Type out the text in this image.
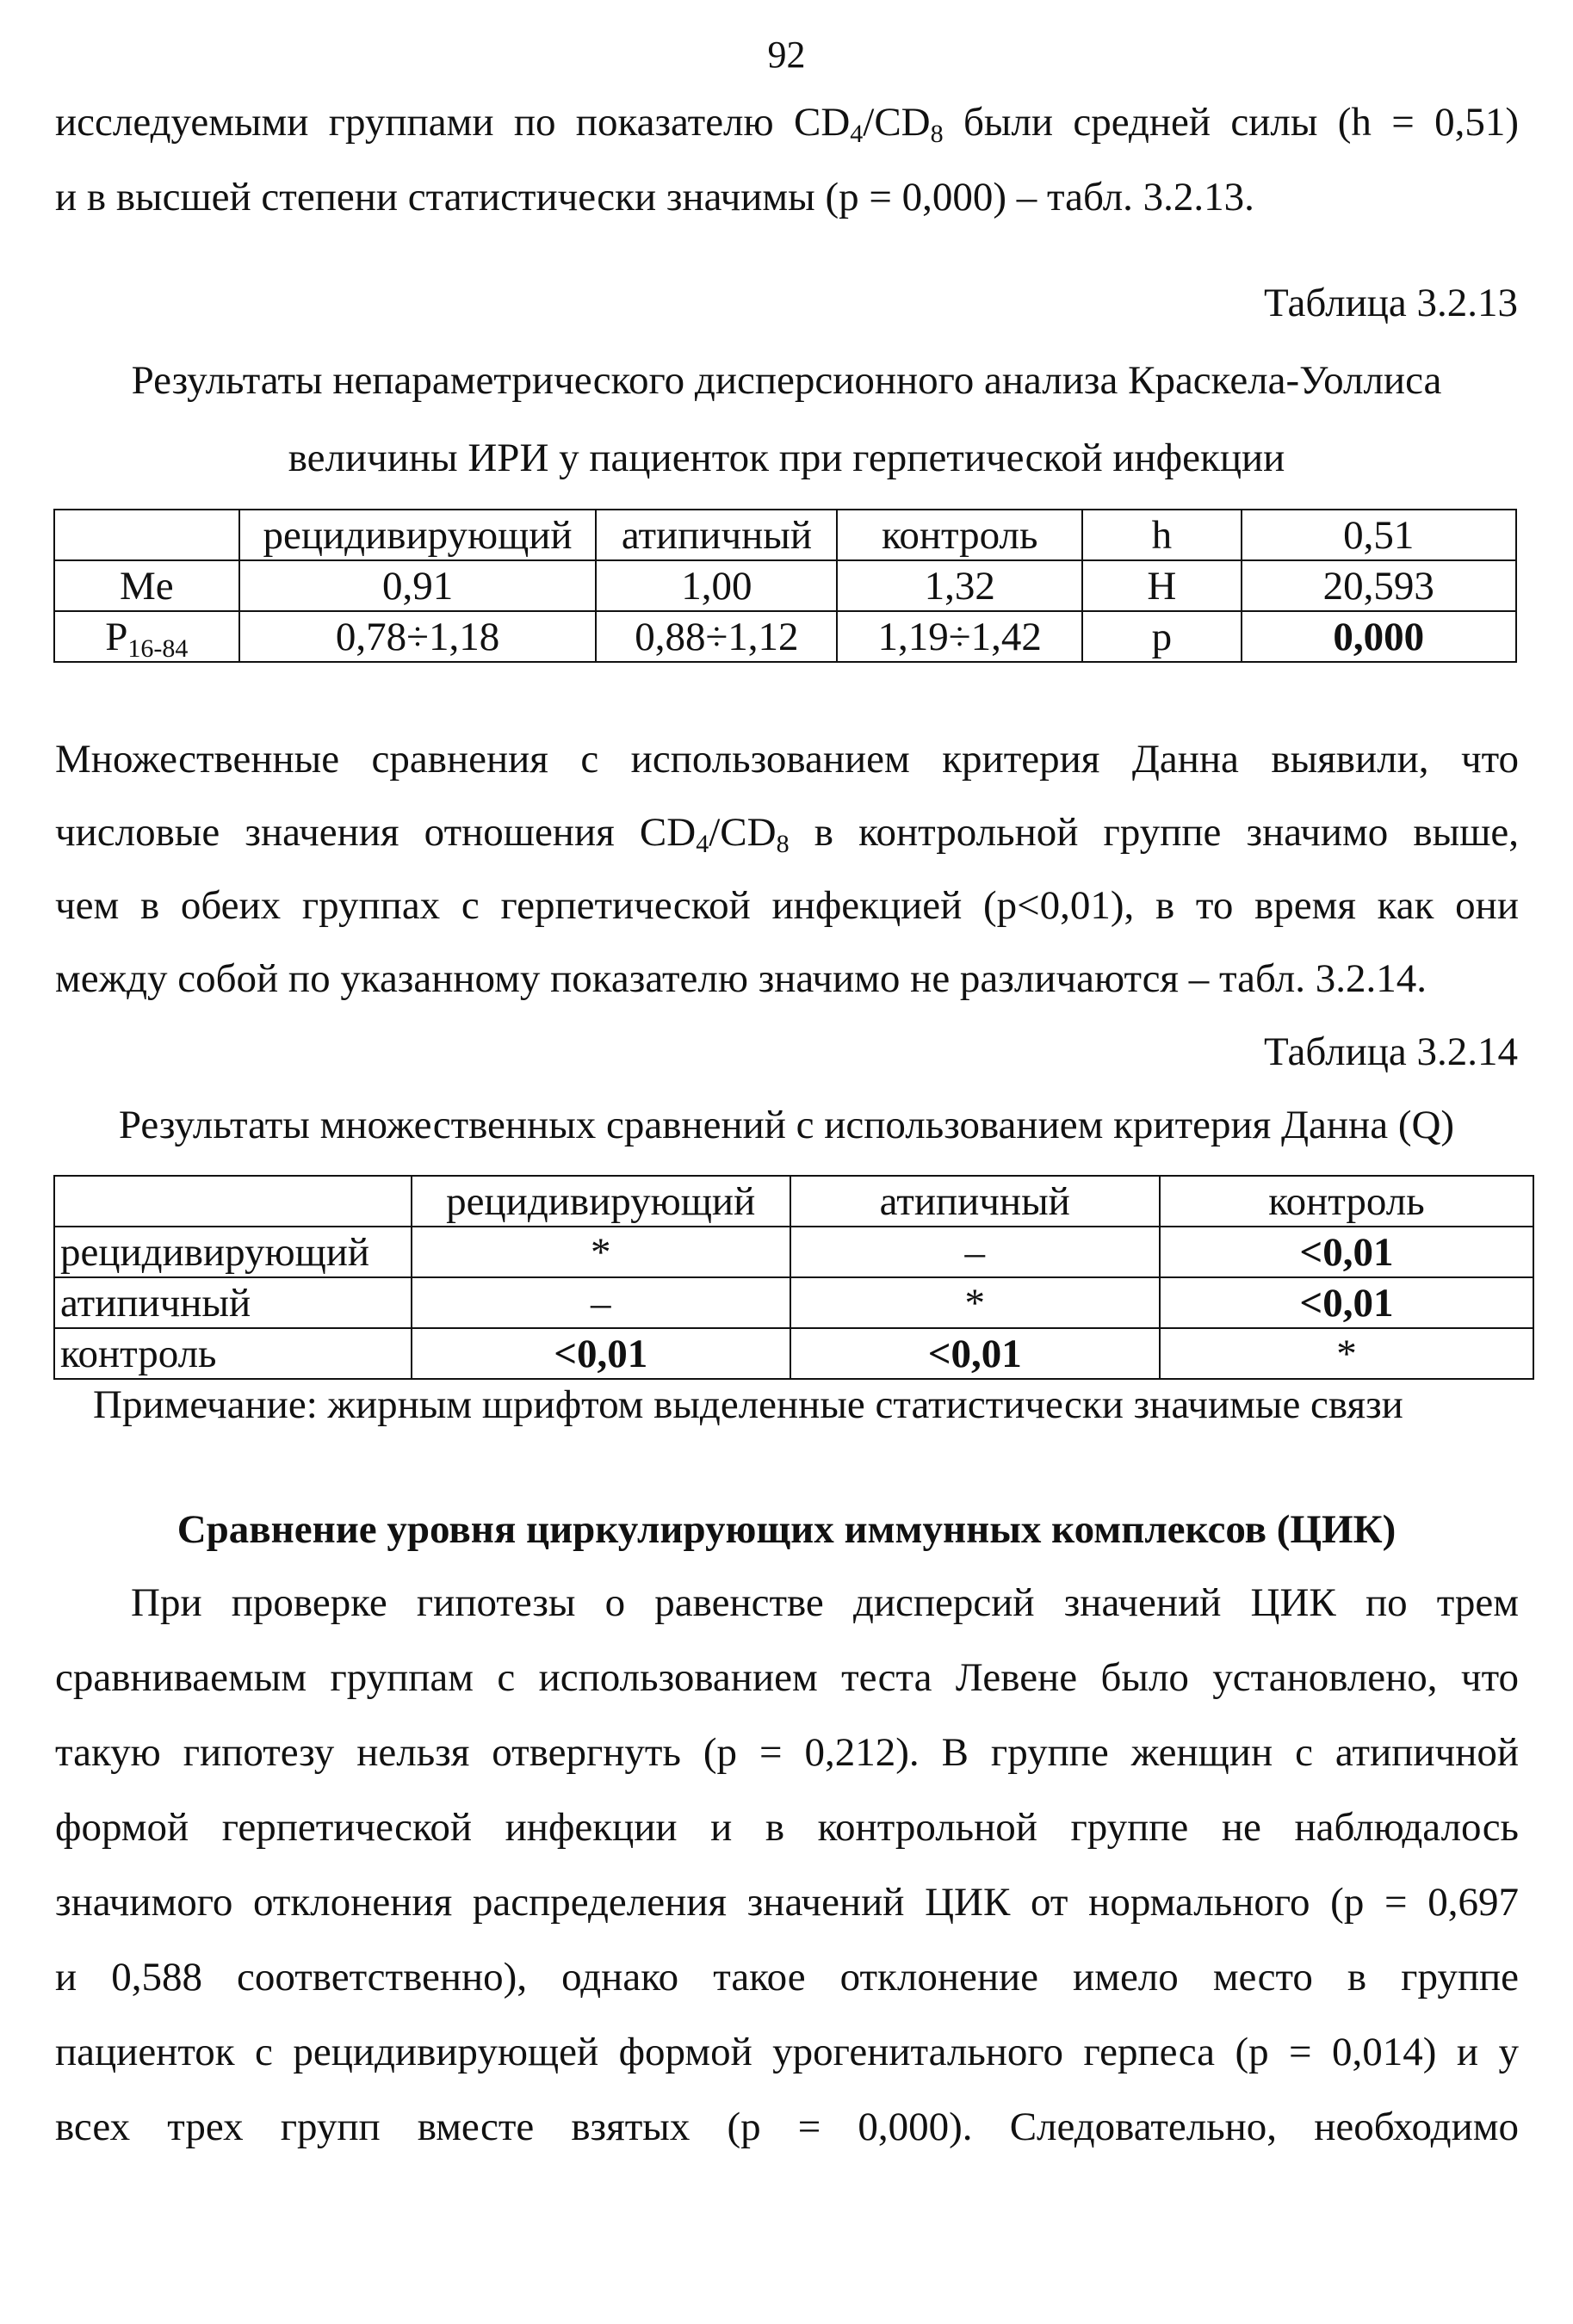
92
исследуемыми группами по показателю $CD_4/CD_8$ были средней силы (h = 0,51)
и в высшей степени статистически значимы (p = 0,000) – табл. 3.2.13.
Таблица 3.2.13
Результаты непараметрического дисперсионного анализа Краскела-Уоллиса
величины ИРИ у пациенток при герпетической инфекции
	рецидивирующий	атипичный	контроль	h	0,51
Me	0,91	1,00	1,32	H	20,593
$P_{16-84}$	0,78÷1,18	0,88÷1,12	1,19÷1,42	p	0,000
Множественные сравнения с использованием критерия Данна выявили, что
числовые значения отношения $CD_4/CD_8$ в контрольной группе значимо выше,
чем в обеих группах с герпетической инфекцией (p<0,01), в то время как они
между собой по указанному показателю значимо не различаются – табл. 3.2.14.
Таблица 3.2.14
Результаты множественных сравнений с использованием критерия Данна (Q)
	рецидивирующий	атипичный	контроль
рецидивирующий	*	–	<0,01
атипичный	–	*	<0,01
контроль	<0,01	<0,01	*
Примечание: жирным шрифтом выделенные статистически значимые связи
Сравнение уровня циркулирующих иммунных комплексов (ЦИК)
При проверке гипотезы о равенстве дисперсий значений ЦИК по трем
сравниваемым группам с использованием теста Левене было установлено, что
такую гипотезу нельзя отвергнуть (p = 0,212). В группе женщин с атипичной
формой герпетической инфекции и в контрольной группе не наблюдалось
значимого отклонения распределения значений ЦИК от нормального (p = 0,697
и 0,588 соответственно), однако такое отклонение имело место в группе
пациенток с рецидивирующей формой урогенитального герпеса (p = 0,014) и у
всех трех групп вместе взятых (p = 0,000). Следовательно, необходимо
